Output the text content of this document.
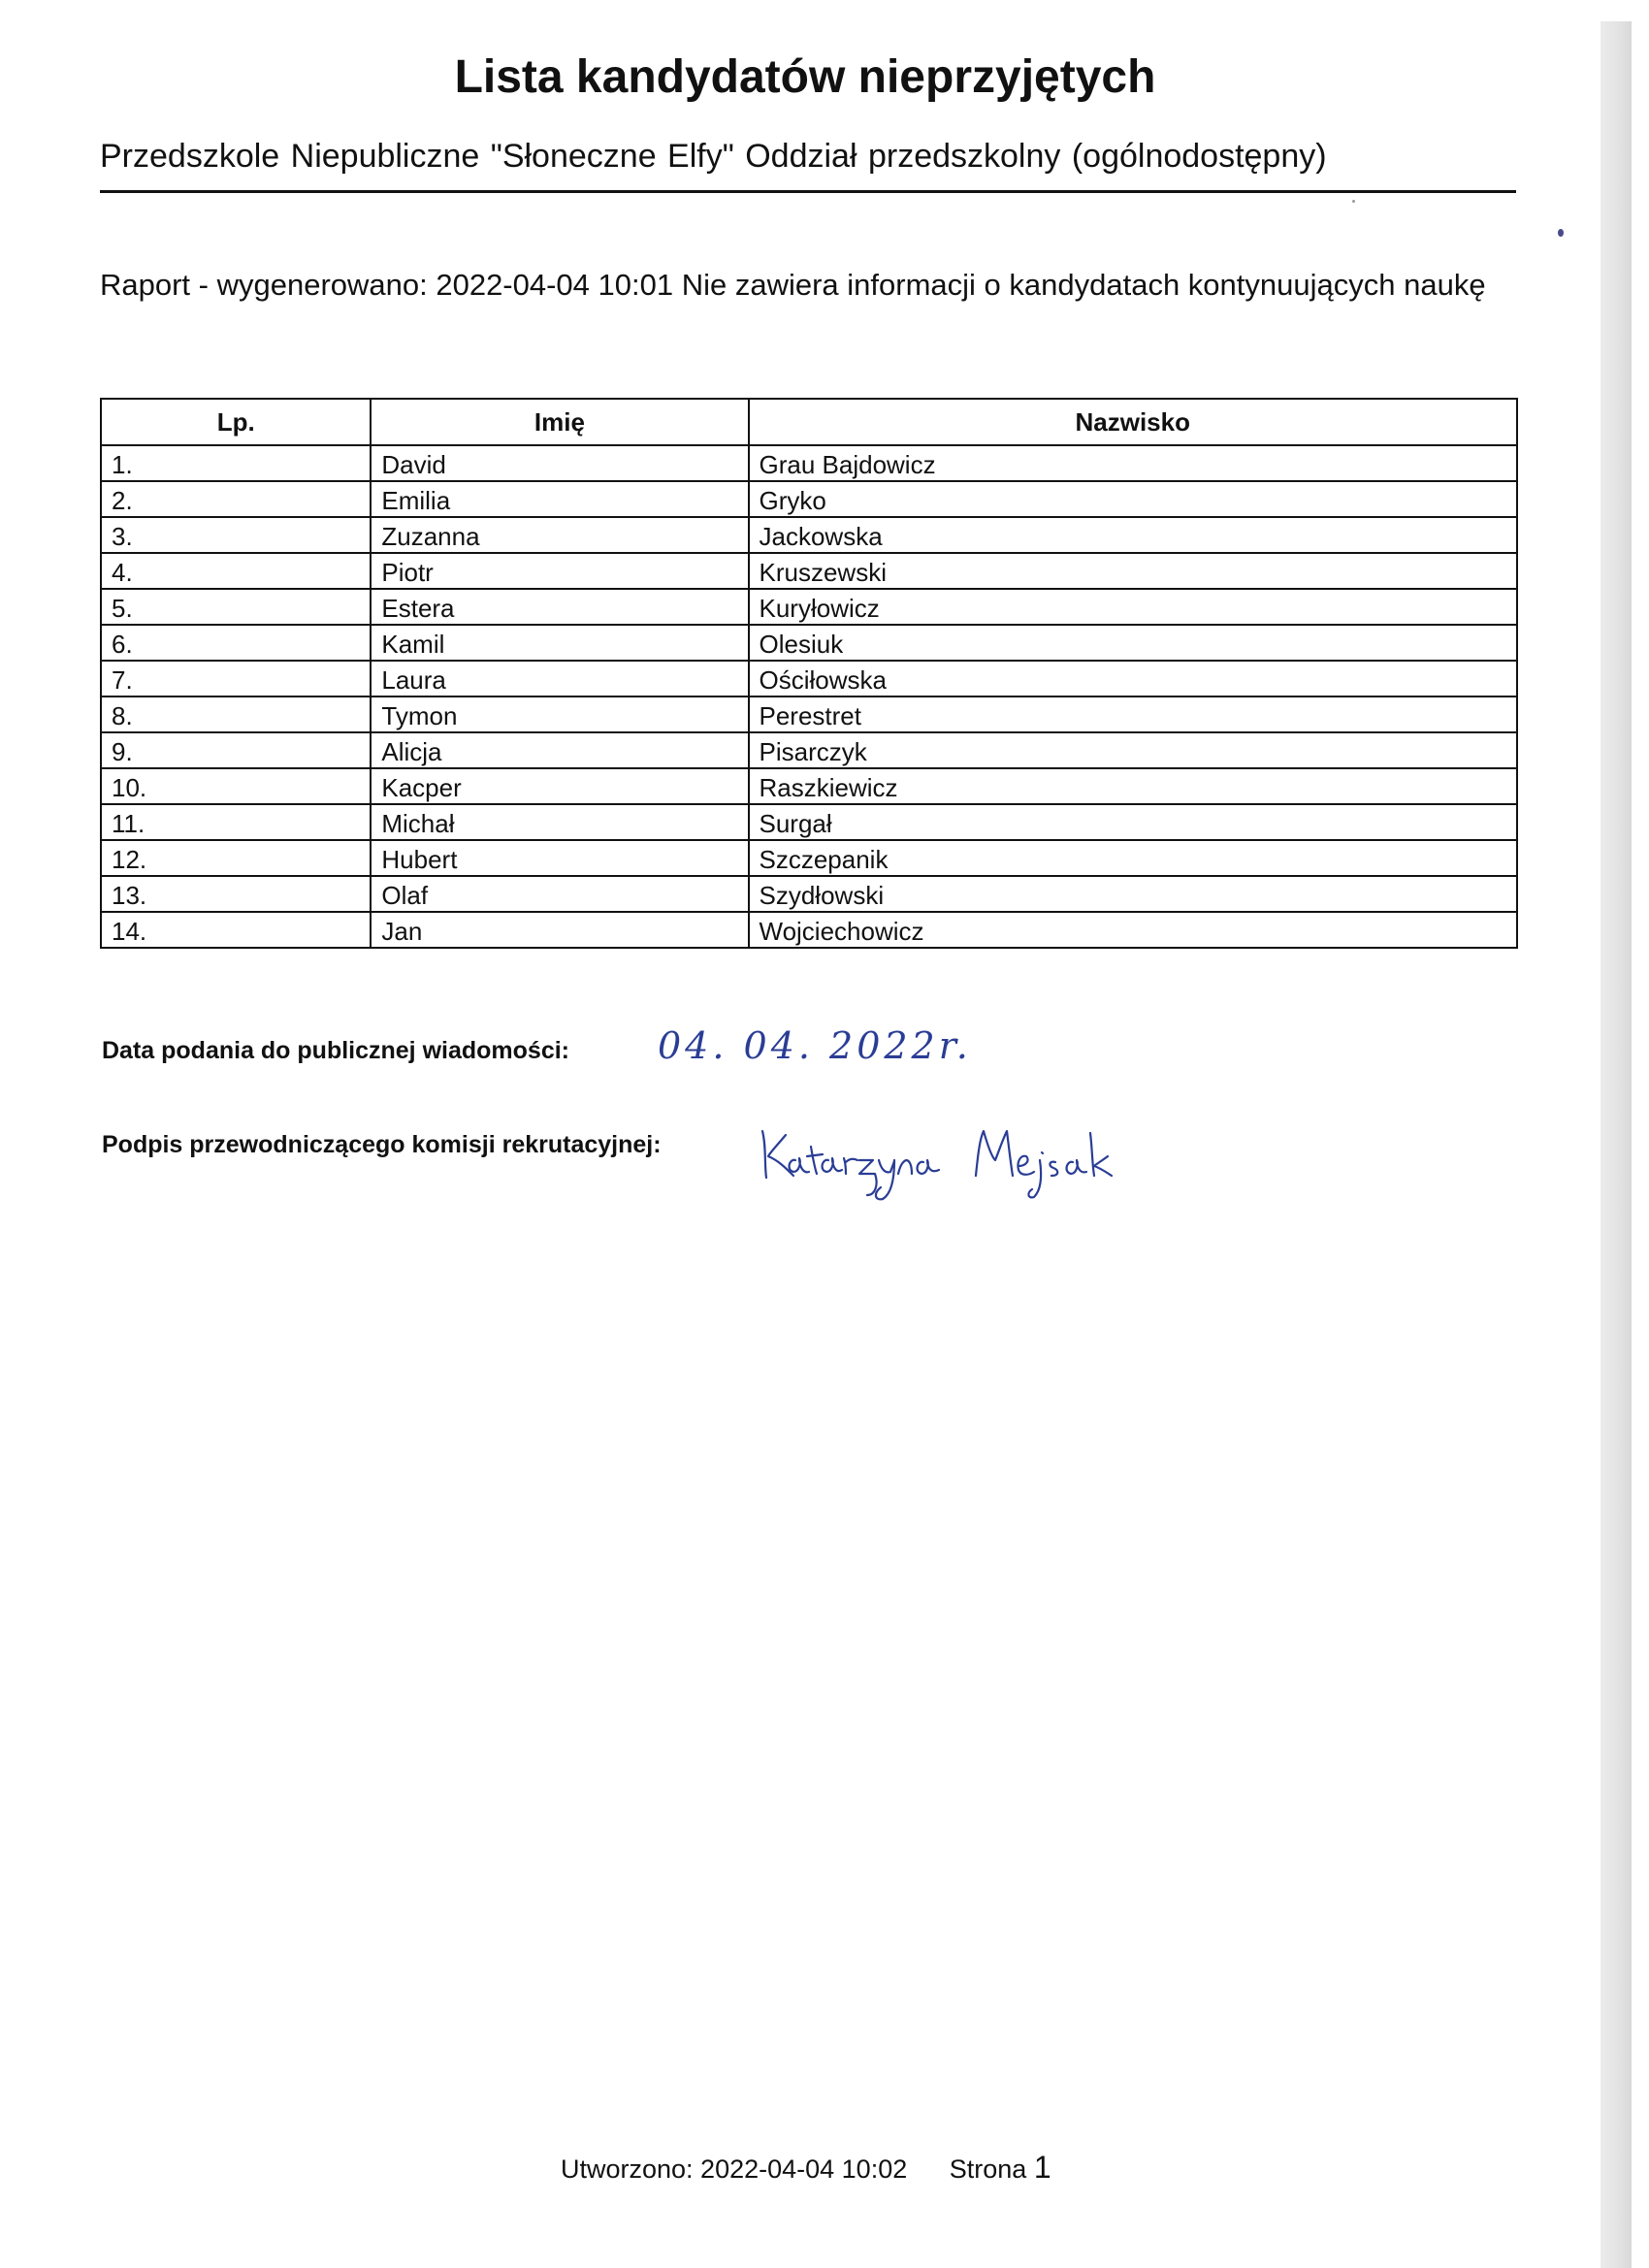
Lista kandydatów nieprzyjętych
Przedszkole Niepubliczne "Słoneczne Elfy" Oddział przedszkolny (ogólnodostępny)
Raport - wygenerowano: 2022-04-04 10:01 Nie zawiera informacji o kandydatach kontynuujących naukę
Lp.	Imię	Nazwisko
1.	David	Grau Bajdowicz
2.	Emilia	Gryko
3.	Zuzanna	Jackowska
4.	Piotr	Kruszewski
5.	Estera	Kuryłowicz
6.	Kamil	Olesiuk
7.	Laura	Ościłowska
8.	Tymon	Perestret
9.	Alicja	Pisarczyk
10.	Kacper	Raszkiewicz
11.	Michał	Surgał
12.	Hubert	Szczepanik
13.	Olaf	Szydłowski
14.	Jan	Wojciechowicz
Data podania do publicznej wiadomości: 04. 04. 2022r.
Podpis przewodniczącego komisji rekrutacyjnej:
Utworzono: 2022-04-04 10:02 Strona 1
